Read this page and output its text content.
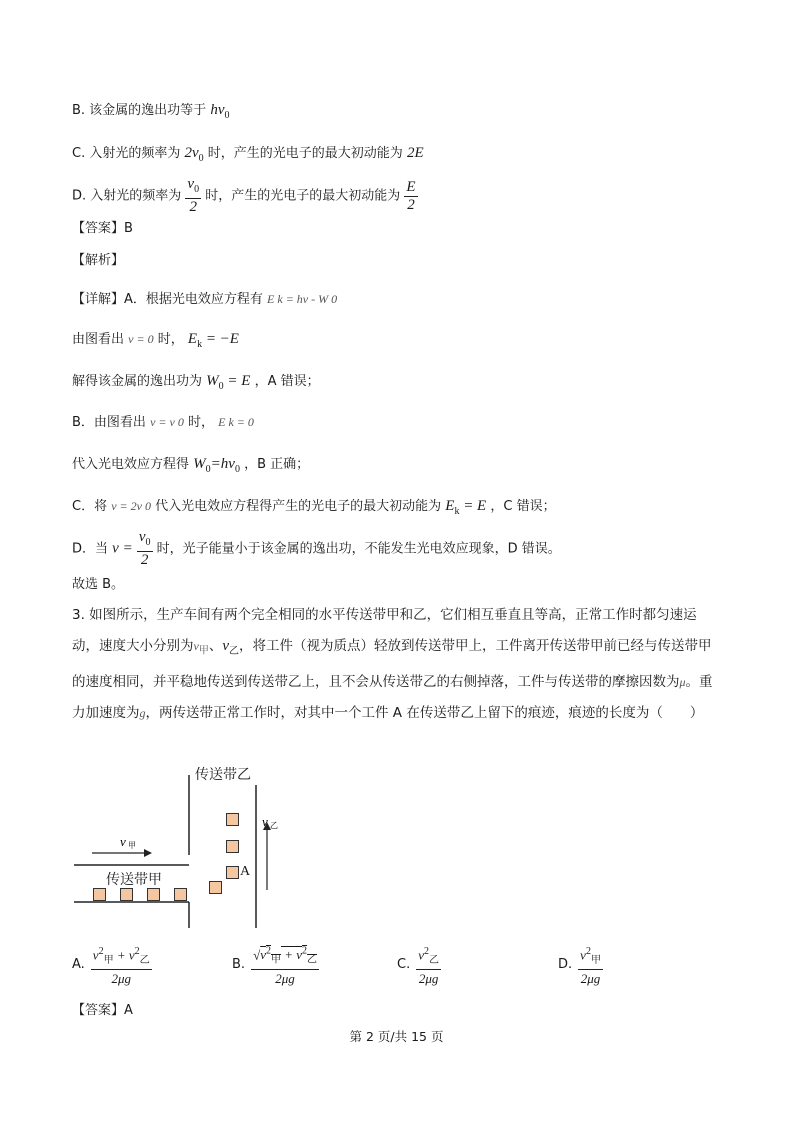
B. 该金属的逸出功等于 $h\nu_0$
C. 入射光的频率为 $2\nu_0$ 时，产生的光电子的最大初动能为 2E
D. 入射光的频率为 $\frac{\nu_0}{2}$ 时，产生的光电子的最大初动能为 $\frac{E}{2}$
【答案】B
【解析】
【详解】A．根据光电效应方程有 E k = hν - W 0
由图看出 ν = 0 时， $E_k = -E$
解得该金属的逸出功为 $W_0 = E$ ，A 错误；
B．由图看出 ν = ν 0 时， E k = 0
代入光电效应方程得 $W_0=h\nu_0$ ，B 正确；
C．将 ν = 2ν 0 代入光电效应方程得产生的光电子的最大初动能为 $E_k = E$ ，C 错误；
D．当 $\nu = \frac{\nu_0}{2}$ 时，光子能量小于该金属的逸出功，不能发生光电效应现象，D 错误。
故选 B。
3. 如图所示，生产车间有两个完全相同的水平传送带甲和乙，它们相互垂直且等高，正常工作时都匀速运动，速度大小分别为$v_甲$、$v_乙$，将工件（视为质点）轻放到传送带甲上，工件离开传送带甲前已经与传送带甲的速度相同，并平稳地传送到传送带乙上，且不会从传送带乙的右侧掉落，工件与传送带的摩擦因数为μ。重力加速度为g，两传送带正常工作时，对其中一个工件 A 在传送带乙上留下的痕迹，痕迹的长度为（　　）
v 甲
v 乙
传送带乙
传送带甲
A
A. $\frac{v^2_甲 + v^2_乙}{2\mu g}$	B. $\frac{√v^2_甲 + v^2_乙}{2\mu g}$	C. $\frac{v^2_乙}{2\mu g}$	D. $\frac{v^2_甲}{2\mu g}$
【答案】A
第 2 页/共 15 页
